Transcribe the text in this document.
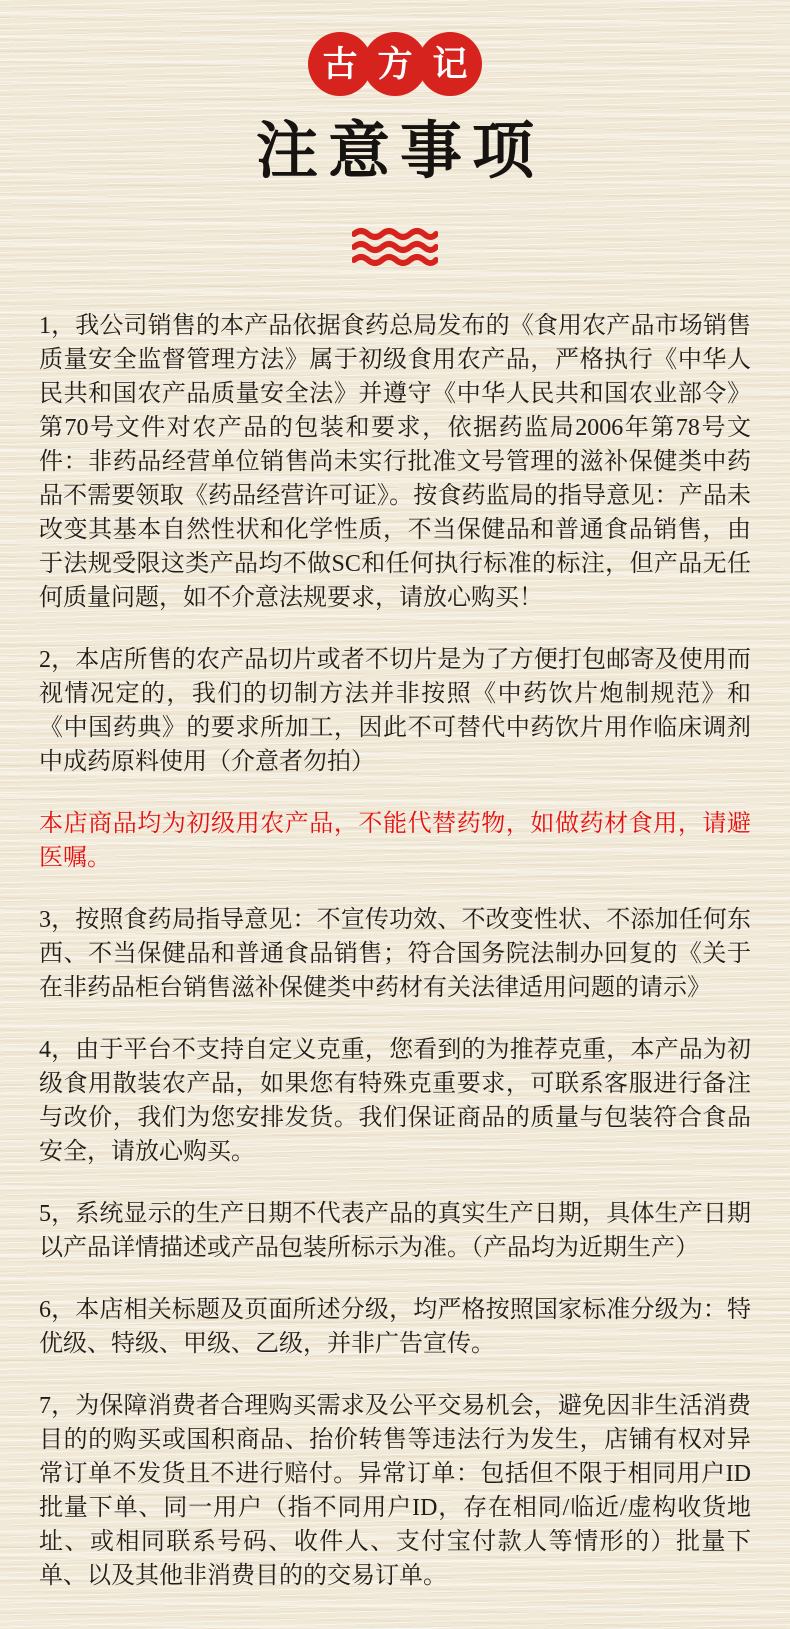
古 方 记
注意事项

1，我公司销售的本产品依据食药总局发布的《食用农产品市场销售质量安全监督管理方法》属于初级食用农产品，严格执行《中华人民共和国农产品质量安全法》并遵守《中华人民共和国农业部令》第70号文件对农产品的包装和要求，依据药监局2006年第78号文件：非药品经营单位销售尚未实行批准文号管理的滋补保健类中药品不需要领取《药品经营许可证》。按食药监局的指导意见：产品未改变其基本自然性状和化学性质，不当保健品和普通食品销售，由于法规受限这类产品均不做SC和任何执行标准的标注，但产品无任何质量问题，如不介意法规要求，请放心购买！

2，本店所售的农产品切片或者不切片是为了方便打包邮寄及使用而视情况定的，我们的切制方法并非按照《中药饮片炮制规范》和《中国药典》的要求所加工，因此不可替代中药饮片用作临床调剂中成药原料使用（介意者勿拍）

本店商品均为初级用农产品，不能代替药物，如做药材食用，请避医嘱。

3，按照食药局指导意见：不宣传功效、不改变性状、不添加任何东西、不当保健品和普通食品销售；符合国务院法制办回复的《关于在非药品柜台销售滋补保健类中药材有关法律适用问题的请示》

4，由于平台不支持自定义克重，您看到的为推荐克重，本产品为初级食用散装农产品，如果您有特殊克重要求，可联系客服进行备注与改价，我们为您安排发货。我们保证商品的质量与包装符合食品安全，请放心购买。

5，系统显示的生产日期不代表产品的真实生产日期，具体生产日期以产品详情描述或产品包装所标示为准。（产品均为近期生产）

6，本店相关标题及页面所述分级，均严格按照国家标准分级为：特优级、特级、甲级、乙级，并非广告宣传。

7，为保障消费者合理购买需求及公平交易机会，避免因非生活消费目的的购买或国积商品、抬价转售等违法行为发生，店铺有权对异常订单不发货且不进行赔付。异常订单：包括但不限于相同用户ID批量下单、同一用户（指不同用户ID，存在相同/临近/虚构收货地址、或相同联系号码、收件人、支付宝付款人等情形的）批量下单、以及其他非消费目的的交易订单。
